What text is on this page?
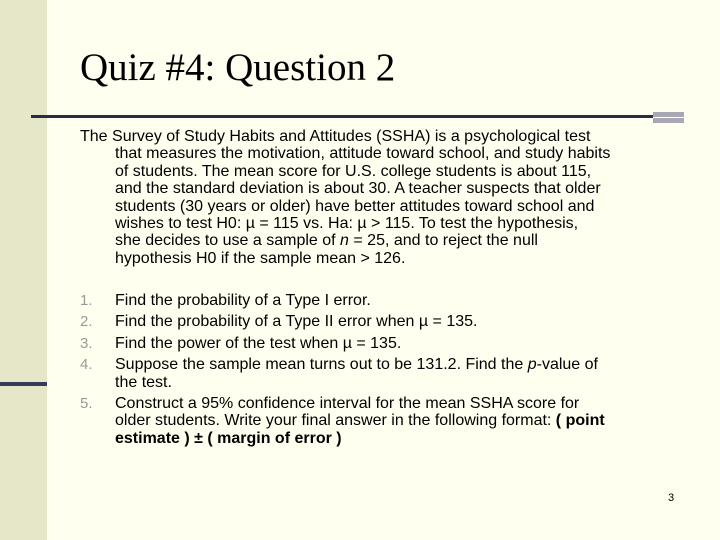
Quiz #4: Question 2
The Survey of Study Habits and Attitudes (SSHA) is a psychological test
that measures the motivation, attitude toward school, and study habits
of students. The mean score for U.S. college students is about 115,
and the standard deviation is about 30. A teacher suspects that older
students (30 years or older) have better attitudes toward school and
wishes to test H0: µ = 115 vs. Ha: µ > 115. To test the hypothesis,
she decides to use a sample of n = 25, and to reject the null
hypothesis H0 if the sample mean > 126.
1. Find the probability of a Type I error.
2. Find the probability of a Type II error when µ = 135.
3. Find the power of the test when µ = 135.
4. Suppose the sample mean turns out to be 131.2. Find the p-value of
the test.
5. Construct a 95% confidence interval for the mean SSHA score for
older students. Write your final answer in the following format: ( point
estimate ) ± ( margin of error )
3
